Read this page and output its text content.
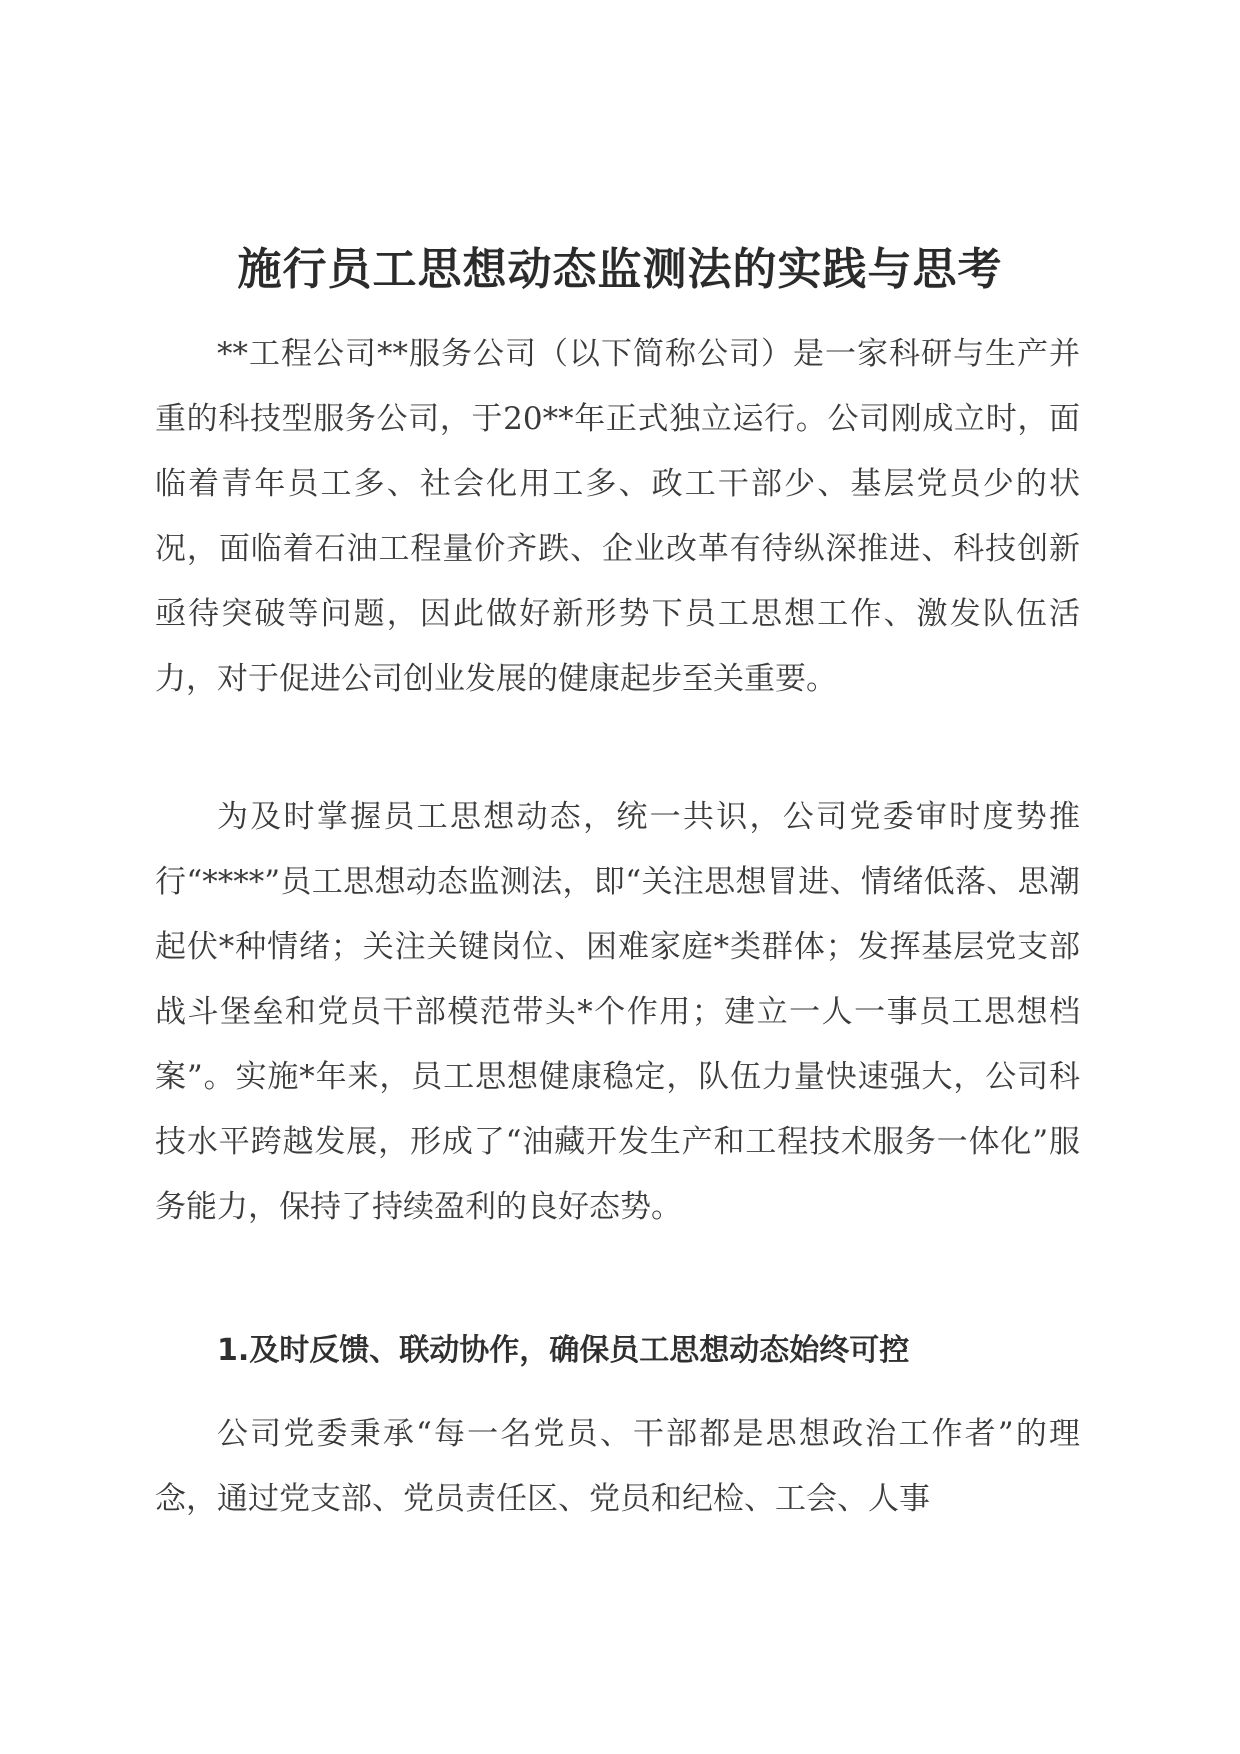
施行员工思想动态监测法的实践与思考

**工程公司**服务公司（以下简称公司）是一家科研与生产并重的科技型服务公司，于20**年正式独立运行。公司刚成立时，面临着青年员工多、社会化用工多、政工干部少、基层党员少的状况，面临着石油工程量价齐跌、企业改革有待纵深推进、科技创新亟待突破等问题，因此做好新形势下员工思想工作、激发队伍活力，对于促进公司创业发展的健康起步至关重要。

为及时掌握员工思想动态，统一共识，公司党委审时度势推行“****”员工思想动态监测法，即“关注思想冒进、情绪低落、思潮起伏*种情绪；关注关键岗位、困难家庭*类群体；发挥基层党支部战斗堡垒和党员干部模范带头*个作用；建立一人一事员工思想档案”。实施*年来，员工思想健康稳定，队伍力量快速强大，公司科技水平跨越发展，形成了“油藏开发生产和工程技术服务一体化”服务能力，保持了持续盈利的良好态势。

1.及时反馈、联动协作，确保员工思想动态始终可控

公司党委秉承“每一名党员、干部都是思想政治工作者”的理念，通过党支部、党员责任区、党员和纪检、工会、人事
